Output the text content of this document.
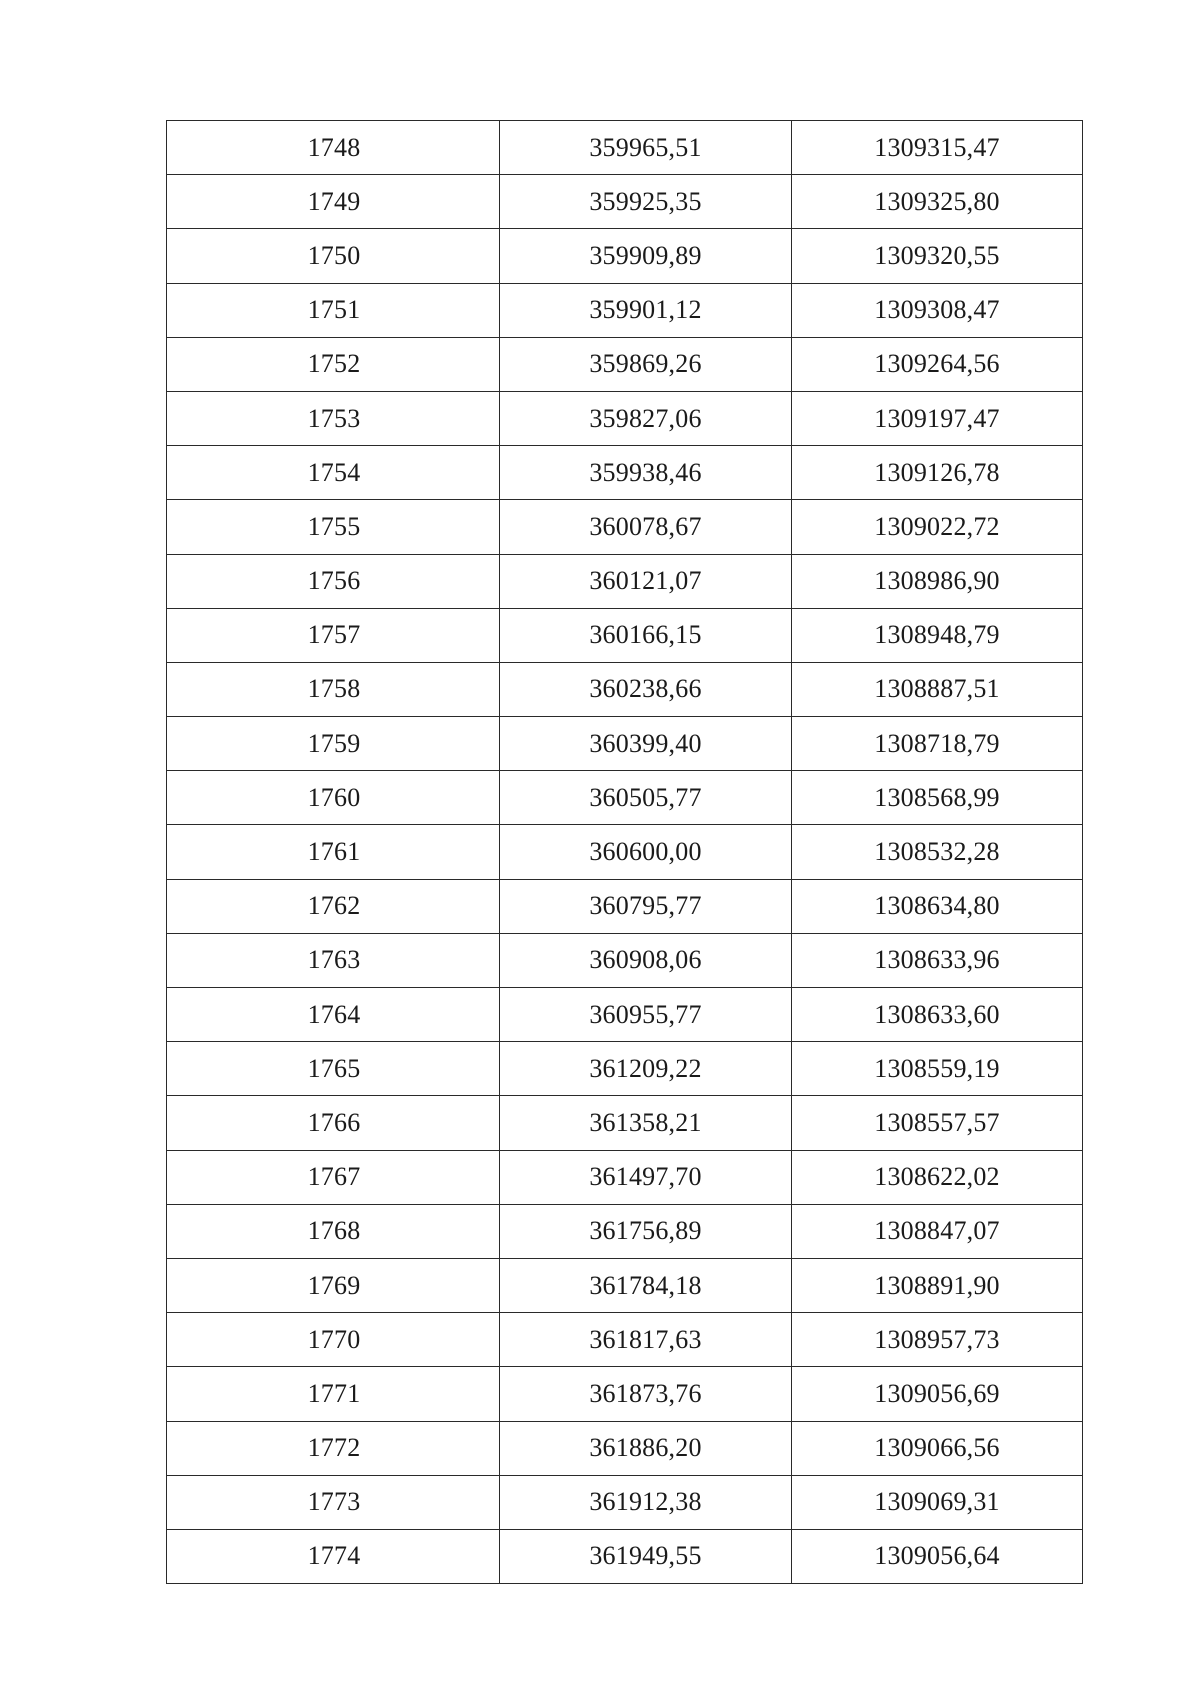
1748	359965,51	1309315,47
1749	359925,35	1309325,80
1750	359909,89	1309320,55
1751	359901,12	1309308,47
1752	359869,26	1309264,56
1753	359827,06	1309197,47
1754	359938,46	1309126,78
1755	360078,67	1309022,72
1756	360121,07	1308986,90
1757	360166,15	1308948,79
1758	360238,66	1308887,51
1759	360399,40	1308718,79
1760	360505,77	1308568,99
1761	360600,00	1308532,28
1762	360795,77	1308634,80
1763	360908,06	1308633,96
1764	360955,77	1308633,60
1765	361209,22	1308559,19
1766	361358,21	1308557,57
1767	361497,70	1308622,02
1768	361756,89	1308847,07
1769	361784,18	1308891,90
1770	361817,63	1308957,73
1771	361873,76	1309056,69
1772	361886,20	1309066,56
1773	361912,38	1309069,31
1774	361949,55	1309056,64
